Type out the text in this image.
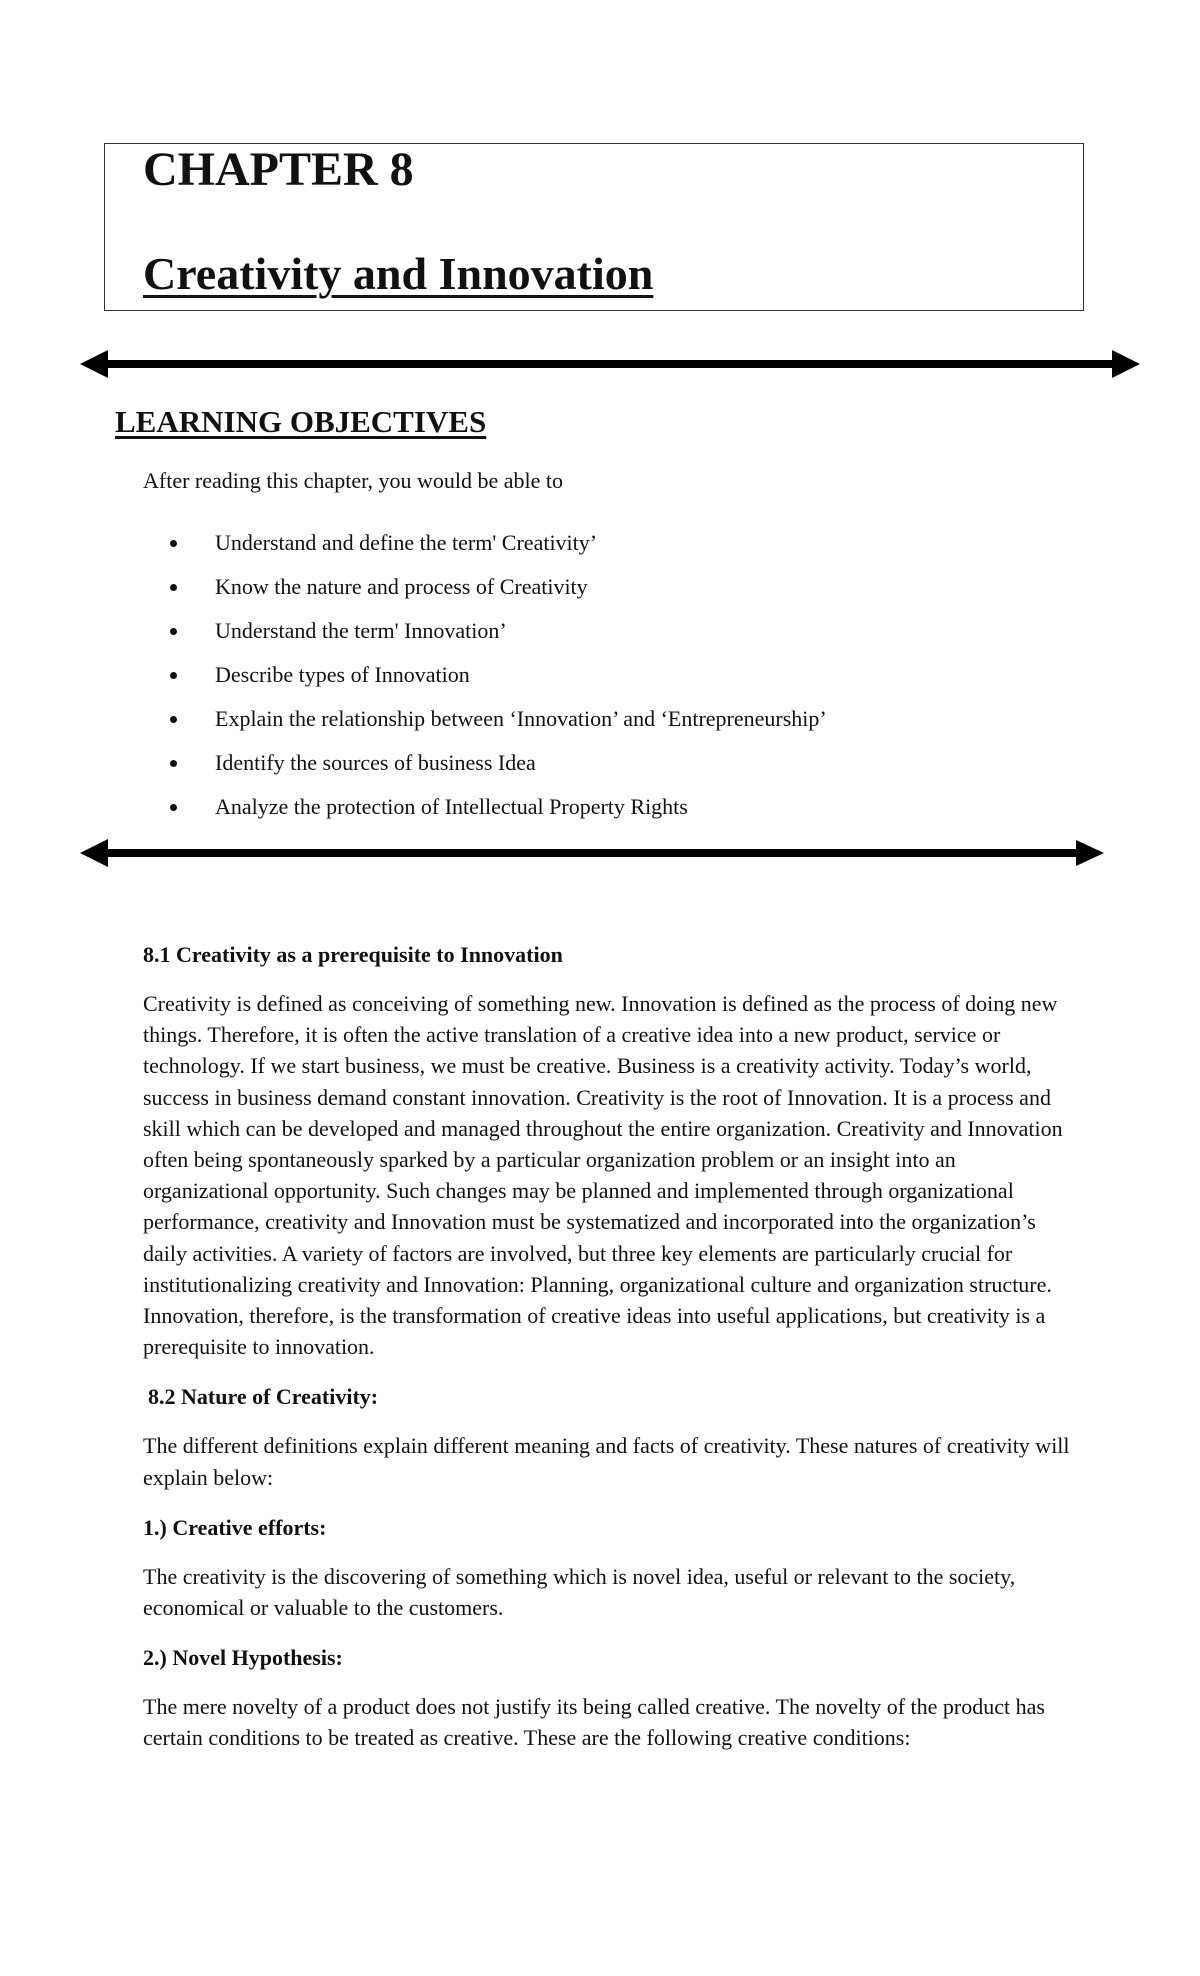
CHAPTER 8
Creativity and Innovation
LEARNING OBJECTIVES

After reading this chapter, you would be able to

Understand and define the term' Creativity’
Know the nature and process of Creativity
Understand the term' Innovation’
Describe types of Innovation
Explain the relationship between ‘Innovation’ and ‘Entrepreneurship’
Identify the sources of business Idea
Analyze the protection of Intellectual Property Rights
8.1 Creativity as a prerequisite to Innovation

Creativity is defined as conceiving of something new. Innovation is defined as the process of doing new things. Therefore, it is often the active translation of a creative idea into a new product, service or technology. If we start business, we must be creative. Business is a creativity activity. Today’s world, success in business demand constant innovation. Creativity is the root of Innovation. It is a process and skill which can be developed and managed throughout the entire organization. Creativity and Innovation often being spontaneously sparked by a particular organization problem or an insight into an organizational opportunity. Such changes may be planned and implemented through organizational performance, creativity and Innovation must be systematized and incorporated into the organization’s daily activities. A variety of factors are involved, but three key elements are particularly crucial for institutionalizing creativity and Innovation: Planning, organizational culture and organization structure. Innovation, therefore, is the transformation of creative ideas into useful applications, but creativity is a prerequisite to innovation.

8.2 Nature of Creativity:

The different definitions explain different meaning and facts of creativity. These natures of creativity will explain below:

1.) Creative efforts:

The creativity is the discovering of something which is novel idea, useful or relevant to the society, economical or valuable to the customers.

2.) Novel Hypothesis:

The mere novelty of a product does not justify its being called creative. The novelty of the product has certain conditions to be treated as creative. These are the following creative conditions:
